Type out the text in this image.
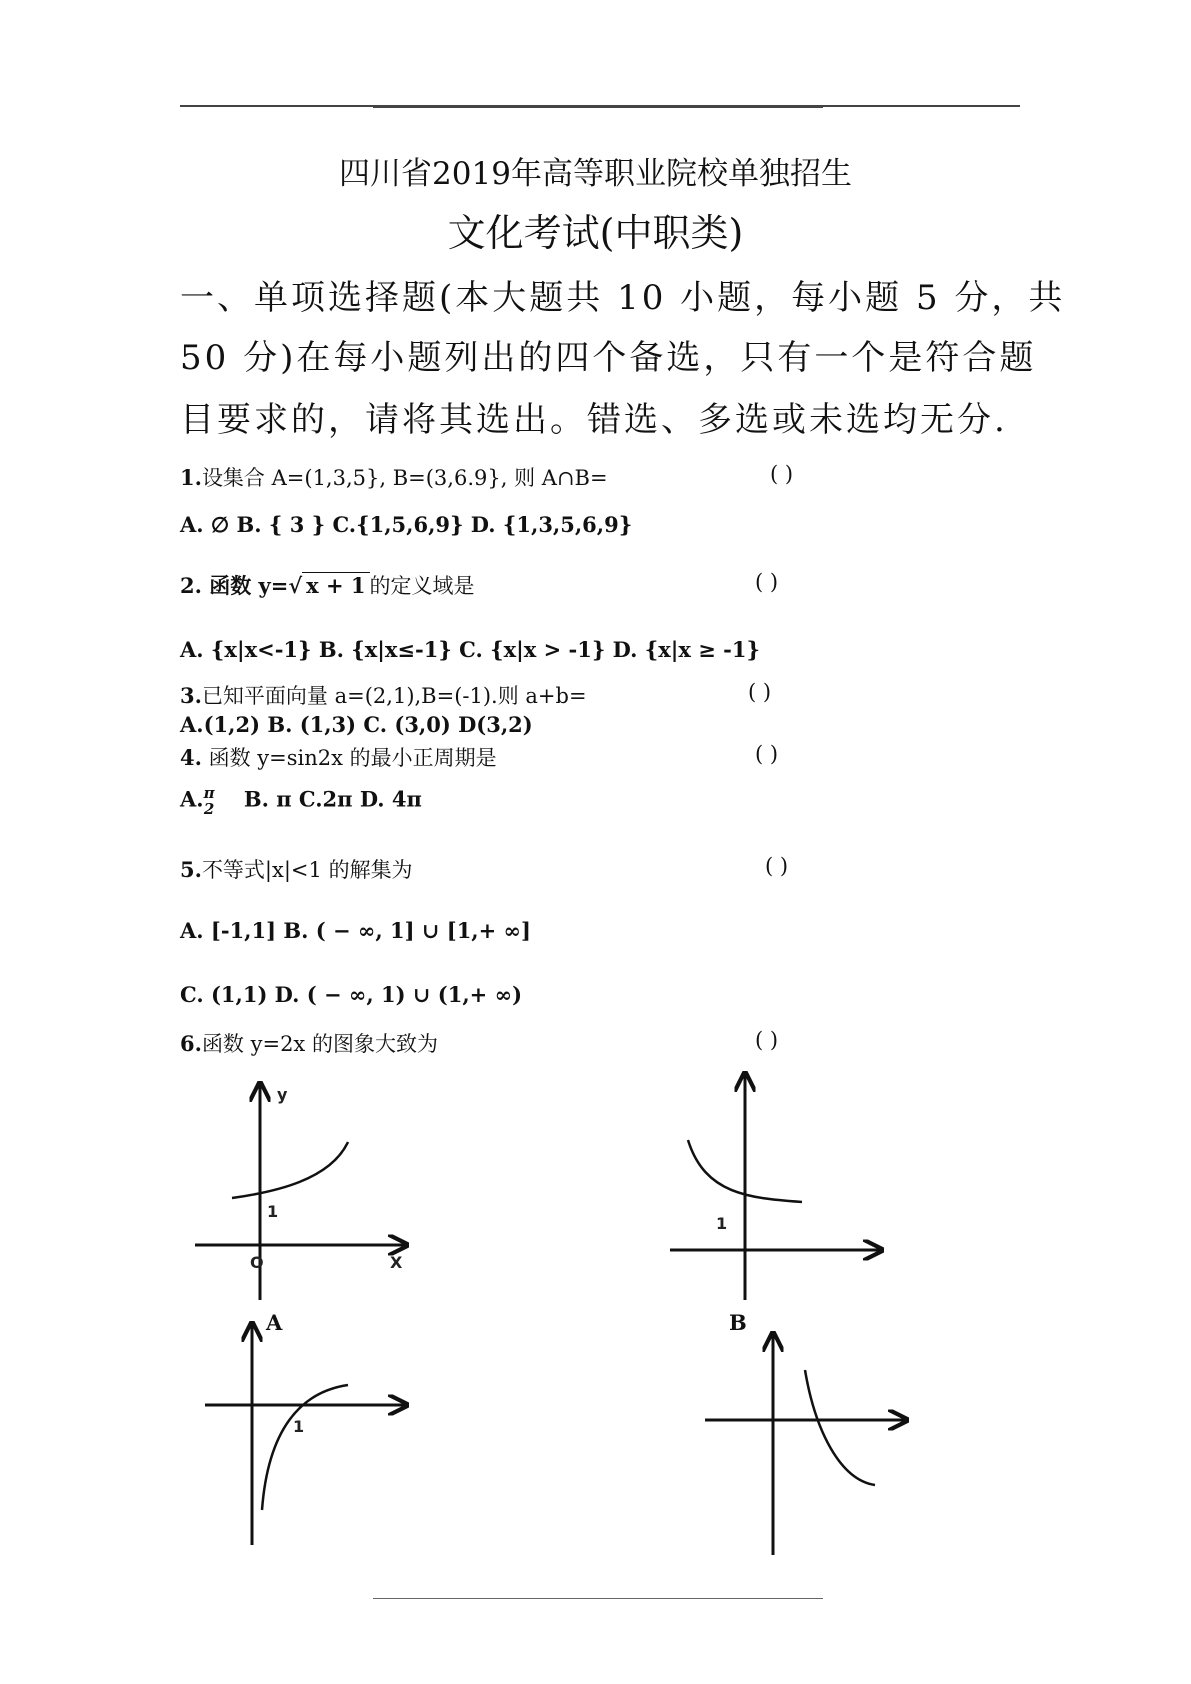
四川省2019年高等职业院校单独招生
文化考试(中职类)
一、单项选择题(本大题共 10 小题，每小题 5 分，共
50 分)在每小题列出的四个备选，只有一个是符合题
目要求的，请将其选出。错选、多选或未选均无分.
1.设集合 A=(1,3,5}, B=(3,6.9}, 则 A∩B=	( )
A. ∅ B. { 3 } C.{1,5,6,9} D. {1,3,5,6,9}
2. 函数 y=√ x + 1 的定义域是	( )
A. {x|x<-1} B. {x|x≤-1} C. {x|x > -1} D. {x|x ≥ -1}
3.已知平面向量 a=(2,1),B=(-1).则 a+b=	( )
A.(1,2) B. (1,3) C. (3,0) D(3,2)
4. 函数 y=sin2x 的最小正周期是	( )
A. π
2 B. π C.2π D. 4π
5.不等式|x|<1 的解集为	( )
A. [-1,1] B. ( − ∞, 1] ∪ [1,+ ∞]
C. (1,1) D. ( − ∞, 1) ∪ (1,+ ∞)
6.函数 y=2x 的图象大致为	( )
y
X
O
1
A
1
B
1
